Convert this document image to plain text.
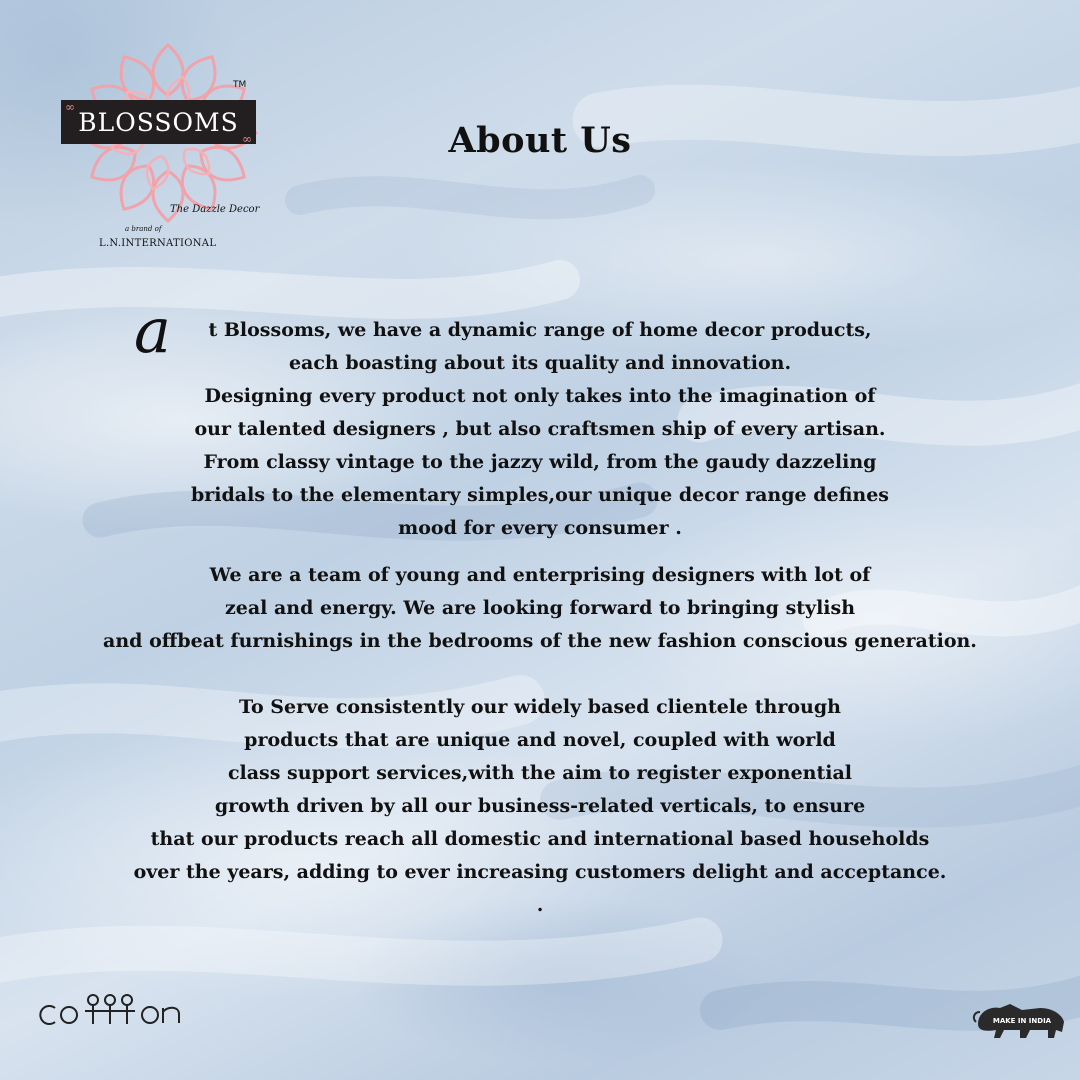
TM
∞
BLOSSOMS
∞
The Dazzle Decor
a brand of
L.N.INTERNATIONAL
About Us
a	t Blossoms, we have a dynamic range of home decor products,
each boasting about its quality and innovation.
Designing every product not only takes into the imagination of
our talented designers , but also craftsmen ship of every artisan.
From classy vintage to the jazzy wild, from the gaudy dazzeling
bridals to the elementary simples,our unique decor range defines
mood for every consumer .
We are a team of young and enterprising designers with lot of
zeal and energy. We are looking forward to bringing stylish
and offbeat furnishings in the bedrooms of the new fashion conscious generation.
To Serve consistently our widely based clientele through
products that are unique and novel, coupled with world
class support services,with the aim to register exponential
growth driven by all our business-related verticals, to ensure
that our products reach all domestic and international based households
over the years, adding to ever increasing customers delight and acceptance.
.
MAKE IN INDIA
